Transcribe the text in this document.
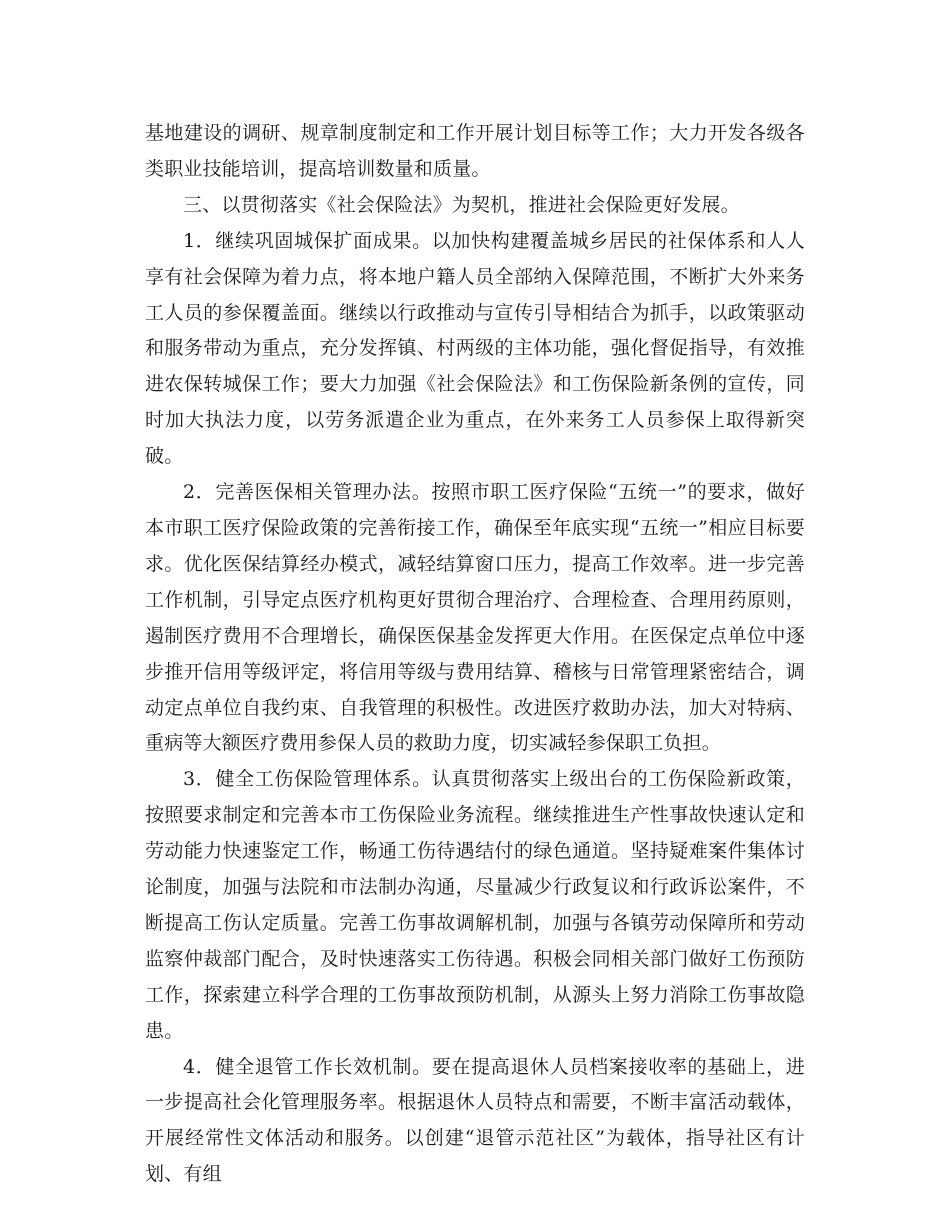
基地建设的调研、规章制度制定和工作开展计划目标等工作；大力开发各级各类职业技能培训，提高培训数量和质量。

三、以贯彻落实《社会保险法》为契机，推进社会保险更好发展。

1．继续巩固城保扩面成果。以加快构建覆盖城乡居民的社保体系和人人享有社会保障为着力点，将本地户籍人员全部纳入保障范围，不断扩大外来务工人员的参保覆盖面。继续以行政推动与宣传引导相结合为抓手，以政策驱动和服务带动为重点，充分发挥镇、村两级的主体功能，强化督促指导，有效推进农保转城保工作；要大力加强《社会保险法》和工伤保险新条例的宣传，同时加大执法力度，以劳务派遣企业为重点，在外来务工人员参保上取得新突破。

2．完善医保相关管理办法。按照市职工医疗保险“五统一”的要求，做好本市职工医疗保险政策的完善衔接工作，确保至年底实现“五统一”相应目标要求。优化医保结算经办模式，减轻结算窗口压力，提高工作效率。进一步完善工作机制，引导定点医疗机构更好贯彻合理治疗、合理检查、合理用药原则，遏制医疗费用不合理增长，确保医保基金发挥更大作用。在医保定点单位中逐步推开信用等级评定，将信用等级与费用结算、稽核与日常管理紧密结合，调动定点单位自我约束、自我管理的积极性。改进医疗救助办法，加大对特病、重病等大额医疗费用参保人员的救助力度，切实减轻参保职工负担。

3．健全工伤保险管理体系。认真贯彻落实上级出台的工伤保险新政策，按照要求制定和完善本市工伤保险业务流程。继续推进生产性事故快速认定和劳动能力快速鉴定工作，畅通工伤待遇结付的绿色通道。坚持疑难案件集体讨论制度，加强与法院和市法制办沟通，尽量减少行政复议和行政诉讼案件，不断提高工伤认定质量。完善工伤事故调解机制，加强与各镇劳动保障所和劳动监察仲裁部门配合，及时快速落实工伤待遇。积极会同相关部门做好工伤预防工作，探索建立科学合理的工伤事故预防机制，从源头上努力消除工伤事故隐患。

4．健全退管工作长效机制。要在提高退休人员档案接收率的基础上，进一步提高社会化管理服务率。根据退休人员特点和需要，不断丰富活动载体，开展经常性文体活动和服务。以创建“退管示范社区”为载体，指导社区有计划、有组
